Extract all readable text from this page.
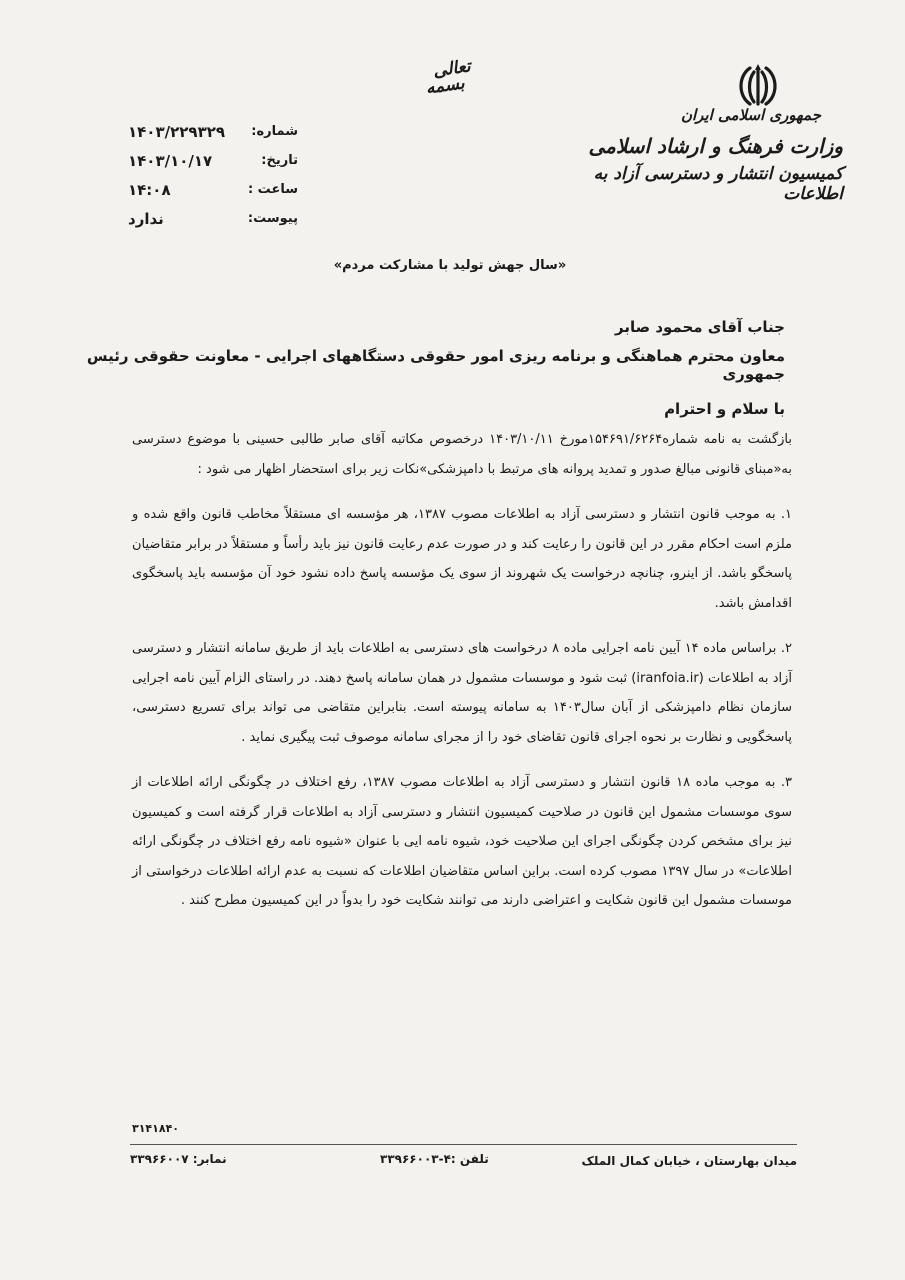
جمهوری اسلامی ایران
وزارت فرهنگ و ارشاد اسلامی
کمیسیون انتشار و دسترسی آزاد به اطلاعات
تعالی
بسمه
شماره:
۱۴۰۳/۲۲۹۳۲۹
تاریخ:
۱۴۰۳/۱۰/۱۷
ساعت :
۱۴:۰۸
پیوست:
ندارد
«سال جهش تولید با مشارکت مردم»
جناب آقای محمود صابر
معاون محترم هماهنگی و برنامه ریزی امور حقوقی دستگاههای اجرایی - معاونت حقوقی رئیس جمهوری
با سلام و احترام

بازگشت به نامه شماره۱۵۴۶۹۱/۶۲۶۴مورخ ۱۴۰۳/۱۰/۱۱ درخصوص مکاتبه آقای صابر طالبی حسینی با موضوع دسترسی به«مبنای قانونی مبالغ صدور و تمدید پروانه های مرتبط با دامپزشکی»نکات زیر برای استحضار اظهار می شود :

۱. به موجب قانون انتشار و دسترسی آزاد به اطلاعات مصوب ۱۳۸۷، هر مؤسسه ای مستقلاً مخاطب قانون واقع شده و ملزم است احکام مقرر در این قانون را رعایت کند و در صورت عدم رعایت قانون نیز باید رأساً و مستقلاً در برابر متقاضیان پاسخگو باشد. از اینرو، چنانچه درخواست یک شهروند از سوی یک مؤسسه پاسخ داده نشود خود آن مؤسسه باید پاسخگوی اقدامش باشد.

۲. براساس ماده ۱۴ آیین نامه اجرایی ماده ۸ درخواست های دسترسی به اطلاعات باید از طریق سامانه انتشار و دسترسی آزاد به اطلاعات (iranfoia.ir) ثبت شود و موسسات مشمول در همان سامانه پاسخ دهند. در راستای الزام آیین نامه اجرایی سازمان نظام دامپزشکی از آبان سال۱۴۰۳ به سامانه پیوسته است. بنابراین متقاضی می تواند برای تسریع دسترسی، پاسخگویی و نظارت بر نحوه اجرای قانون تقاضای خود را از مجرای سامانه موصوف ثبت پیگیری نماید .

۳. به موجب ماده ۱۸ قانون انتشار و دسترسی آزاد به اطلاعات مصوب ۱۳۸۷، رفع اختلاف در چگونگی ارائه اطلاعات از سوی موسسات مشمول این قانون در صلاحیت کمیسیون انتشار و دسترسی آزاد به اطلاعات قرار گرفته است و کمیسیون نیز برای مشخص کردن چگونگی اجرای این صلاحیت خود، شیوه نامه ایی با عنوان «شیوه نامه رفع اختلاف در چگونگی ارائه اطلاعات» در سال ۱۳۹۷ مصوب کرده است. براین اساس متقاضیان اطلاعات که نسبت به عدم ارائه اطلاعات درخواستی از موسسات مشمول این قانون شکایت و اعتراضی دارند می توانند شکایت خود را بدواً در این کمیسیون مطرح کنند .

۳۱۴۱۸۴۰
میدان بهارستان ، خیابان کمال الملک
تلفن :۴-۳۳۹۶۶۰۰۳
نمابر: ۳۳۹۶۶۰۰۷
